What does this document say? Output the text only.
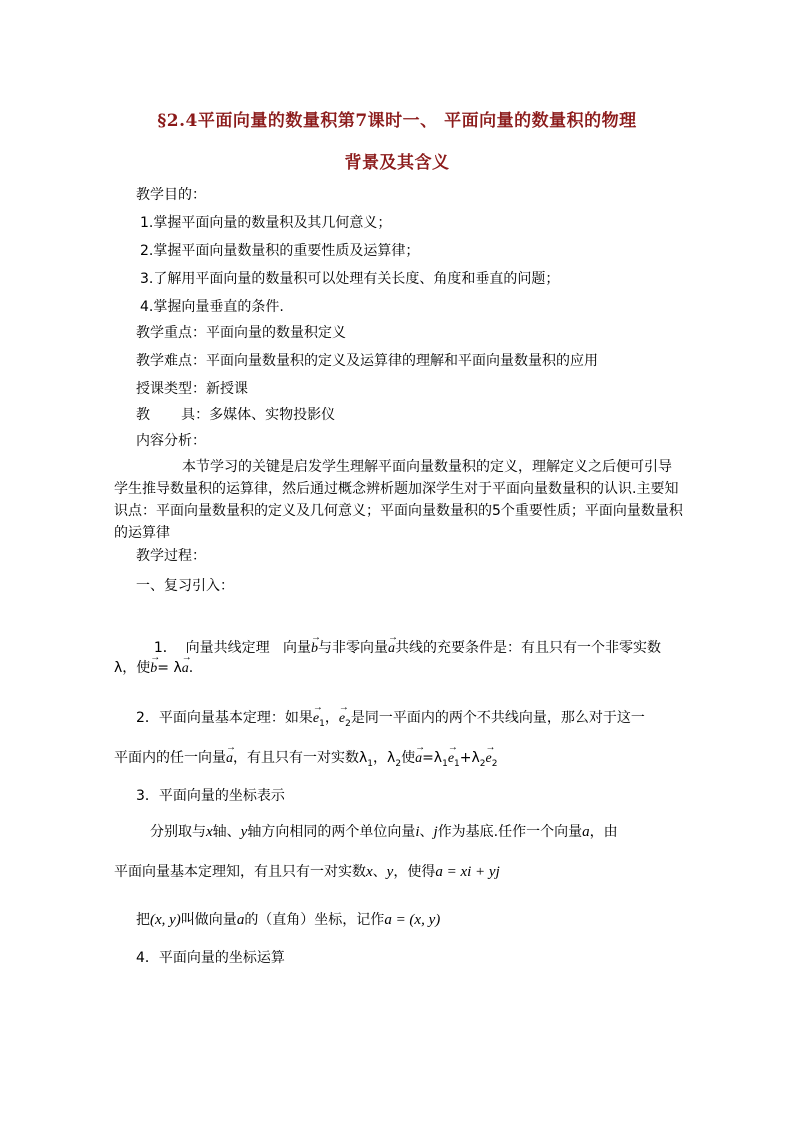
§2.4平面向量的数量积第7课时一、 平面向量的数量积的物理
背景及其含义
教学目的：
1.掌握平面向量的数量积及其几何意义；
2.掌握平面向量数量积的重要性质及运算律；
3.了解用平面向量的数量积可以处理有关长度、角度和垂直的问题；
4.掌握向量垂直的条件.
教学重点：平面向量的数量积定义
教学难点：平面向量数量积的定义及运算律的理解和平面向量数量积的应用
授课类型：新授课
教       具：多媒体、实物投影仪
内容分析：
本节学习的关键是启发学生理解平面向量数量积的定义，理解定义之后便可引导学生推导数量积的运算律，然后通过概念辨析题加深学生对于平面向量数量积的认识.主要知识点：平面向量数量积的定义及几何意义；平面向量数量积的5个重要性质；平面向量数量积的运算律
教学过程：
一、复习引入：

1．  向量共线定理   向量→ b与非零向量→ a共线的充要条件是：有且只有一个非零实数

λ，使→ b= λ→ a.
2．平面向量基本定理：如果→ $e_1$，→ $e_2$是同一平面内的两个不共线向量，那么对于这一
平面内的任一向量→ a，有且只有一对实数$\lambda_1$，$\lambda_2$使→ $a=\lambda_1\to e_1+\lambda_2\to e_2$
3．平面向量的坐标表示
分别取与x轴、y轴方向相同的两个单位向量i、j作为基底.任作一个向量a，由
平面向量基本定理知，有且只有一对实数x、y，使得a = xi + yj
把(x, y)叫做向量a的（直角）坐标，记作a = (x, y)
4．平面向量的坐标运算
